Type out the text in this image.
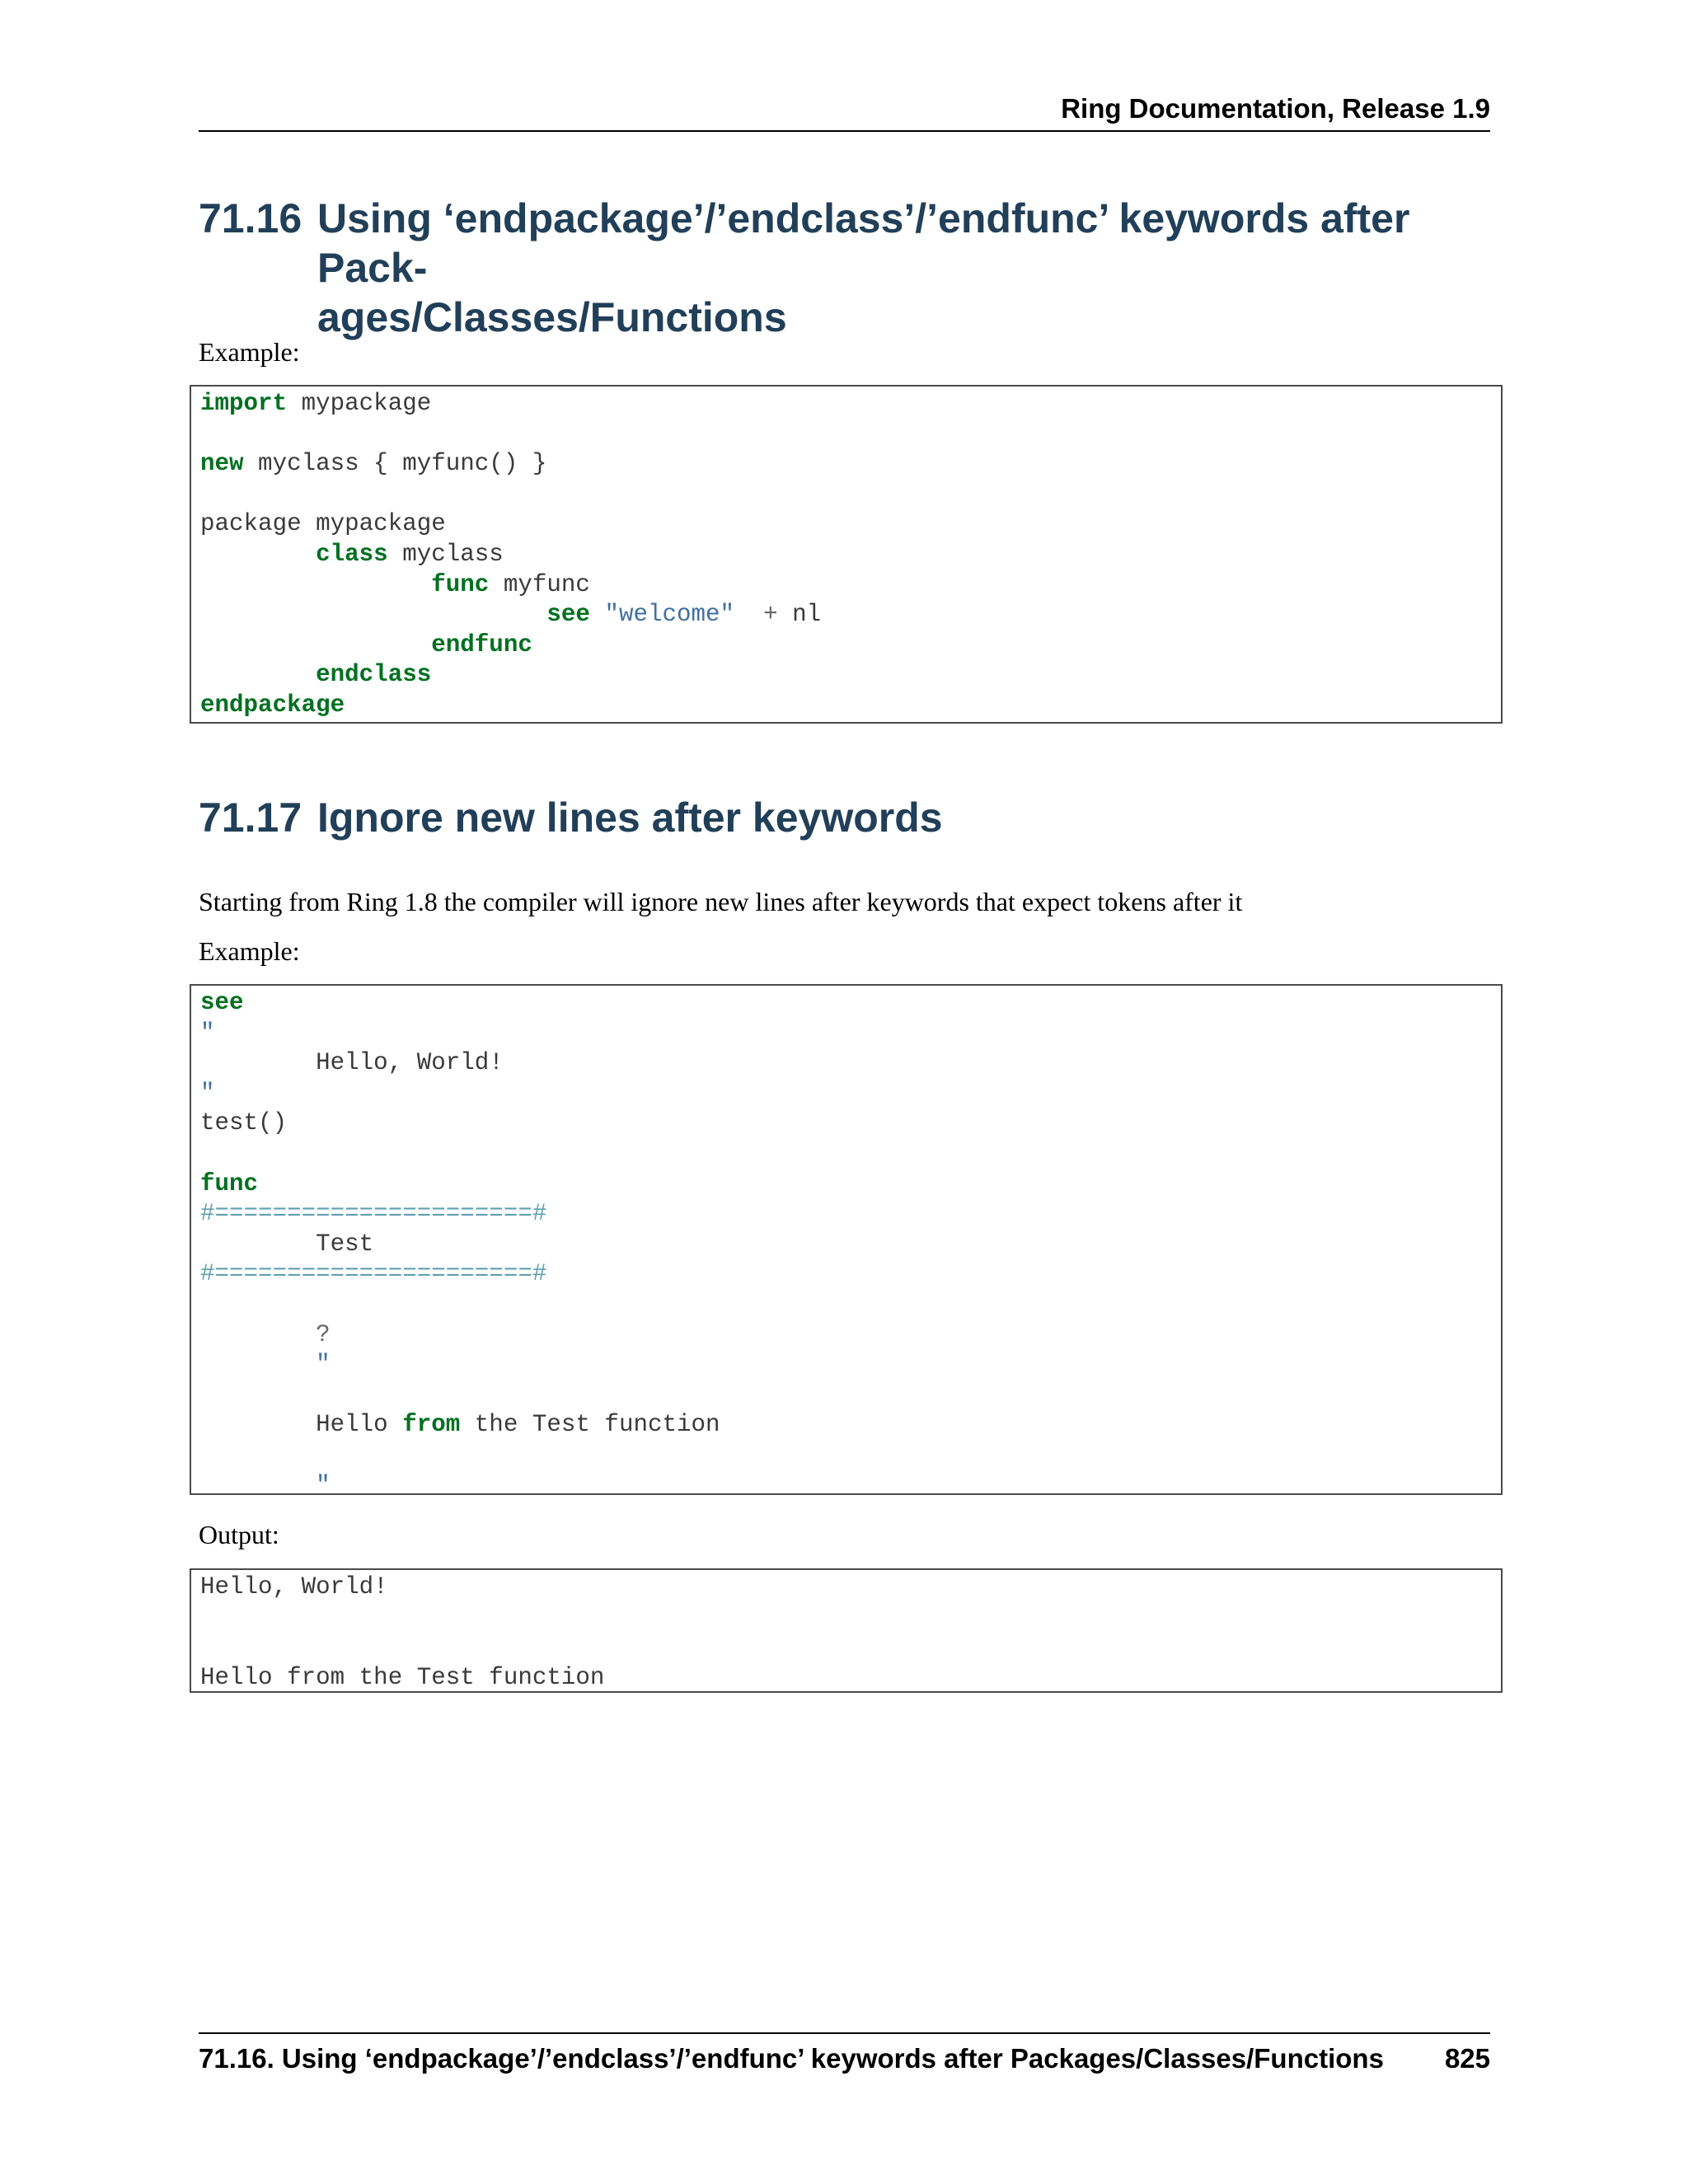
Ring Documentation, Release 1.9
71.16 Using ‘endpackage’/’endclass’/’endfunc’ keywords after Pack-
ages/Classes/Functions
Example:
import mypackage
new myclass { myfunc() }
package mypackage
class myclass
func myfunc
see "welcome" + nl
endfunc
endclass
endpackage
71.17 Ignore new lines after keywords
Starting from Ring 1.8 the compiler will ignore new lines after keywords that expect tokens after it
Example:
see
"
Hello, World!
"
test()
func
#======================#
Test
#======================#
?
"
Hello from the Test function
"
Output:
Hello, World!
Hello from the Test function
71.16. Using ‘endpackage’/’endclass’/’endfunc’ keywords after Packages/Classes/Functions 825
